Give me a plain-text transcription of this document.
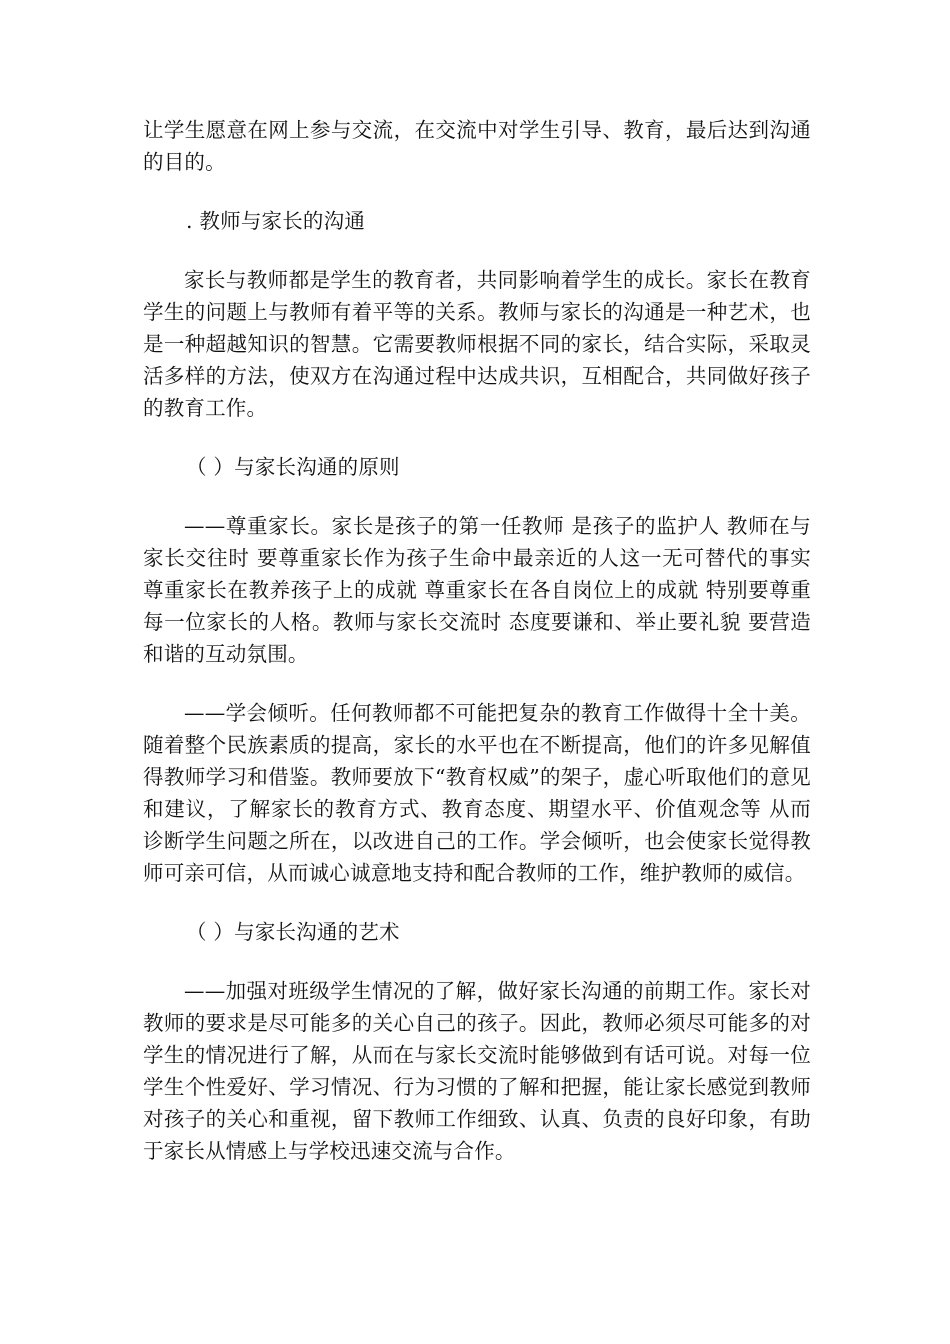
让学生愿意在网上参与交流，在交流中对学生引导、教育，最后达到沟通的目的。

. 教师与家长的沟通

家长与教师都是学生的教育者，共同影响着学生的成长。家长在教育学生的问题上与教师有着平等的关系。教师与家长的沟通是一种艺术，也是一种超越知识的智慧。它需要教师根据不同的家长，结合实际，采取灵活多样的方法，使双方在沟通过程中达成共识，互相配合，共同做好孩子的教育工作。

（ ）与家长沟通的原则

——尊重家长。家长是孩子的第一任教师 是孩子的监护人 教师在与家长交往时 要尊重家长作为孩子生命中最亲近的人这一无可替代的事实 尊重家长在教养孩子上的成就 尊重家长在各自岗位上的成就 特别要尊重每一位家长的人格。教师与家长交流时 态度要谦和、举止要礼貌 要营造和谐的互动氛围。

——学会倾听。任何教师都不可能把复杂的教育工作做得十全十美。随着整个民族素质的提高，家长的水平也在不断提高，他们的许多见解值得教师学习和借鉴。教师要放下“教育权威”的架子，虚心听取他们的意见和建议，了解家长的教育方式、教育态度、期望水平、价值观念等 从而诊断学生问题之所在，以改进自己的工作。学会倾听，也会使家长觉得教师可亲可信，从而诚心诚意地支持和配合教师的工作，维护教师的威信。

（ ）与家长沟通的艺术

——加强对班级学生情况的了解，做好家长沟通的前期工作。家长对教师的要求是尽可能多的关心自己的孩子。因此，教师必须尽可能多的对学生的情况进行了解，从而在与家长交流时能够做到有话可说。对每一位学生个性爱好、学习情况、行为习惯的了解和把握，能让家长感觉到教师对孩子的关心和重视，留下教师工作细致、认真、负责的良好印象，有助于家长从情感上与学校迅速交流与合作。
